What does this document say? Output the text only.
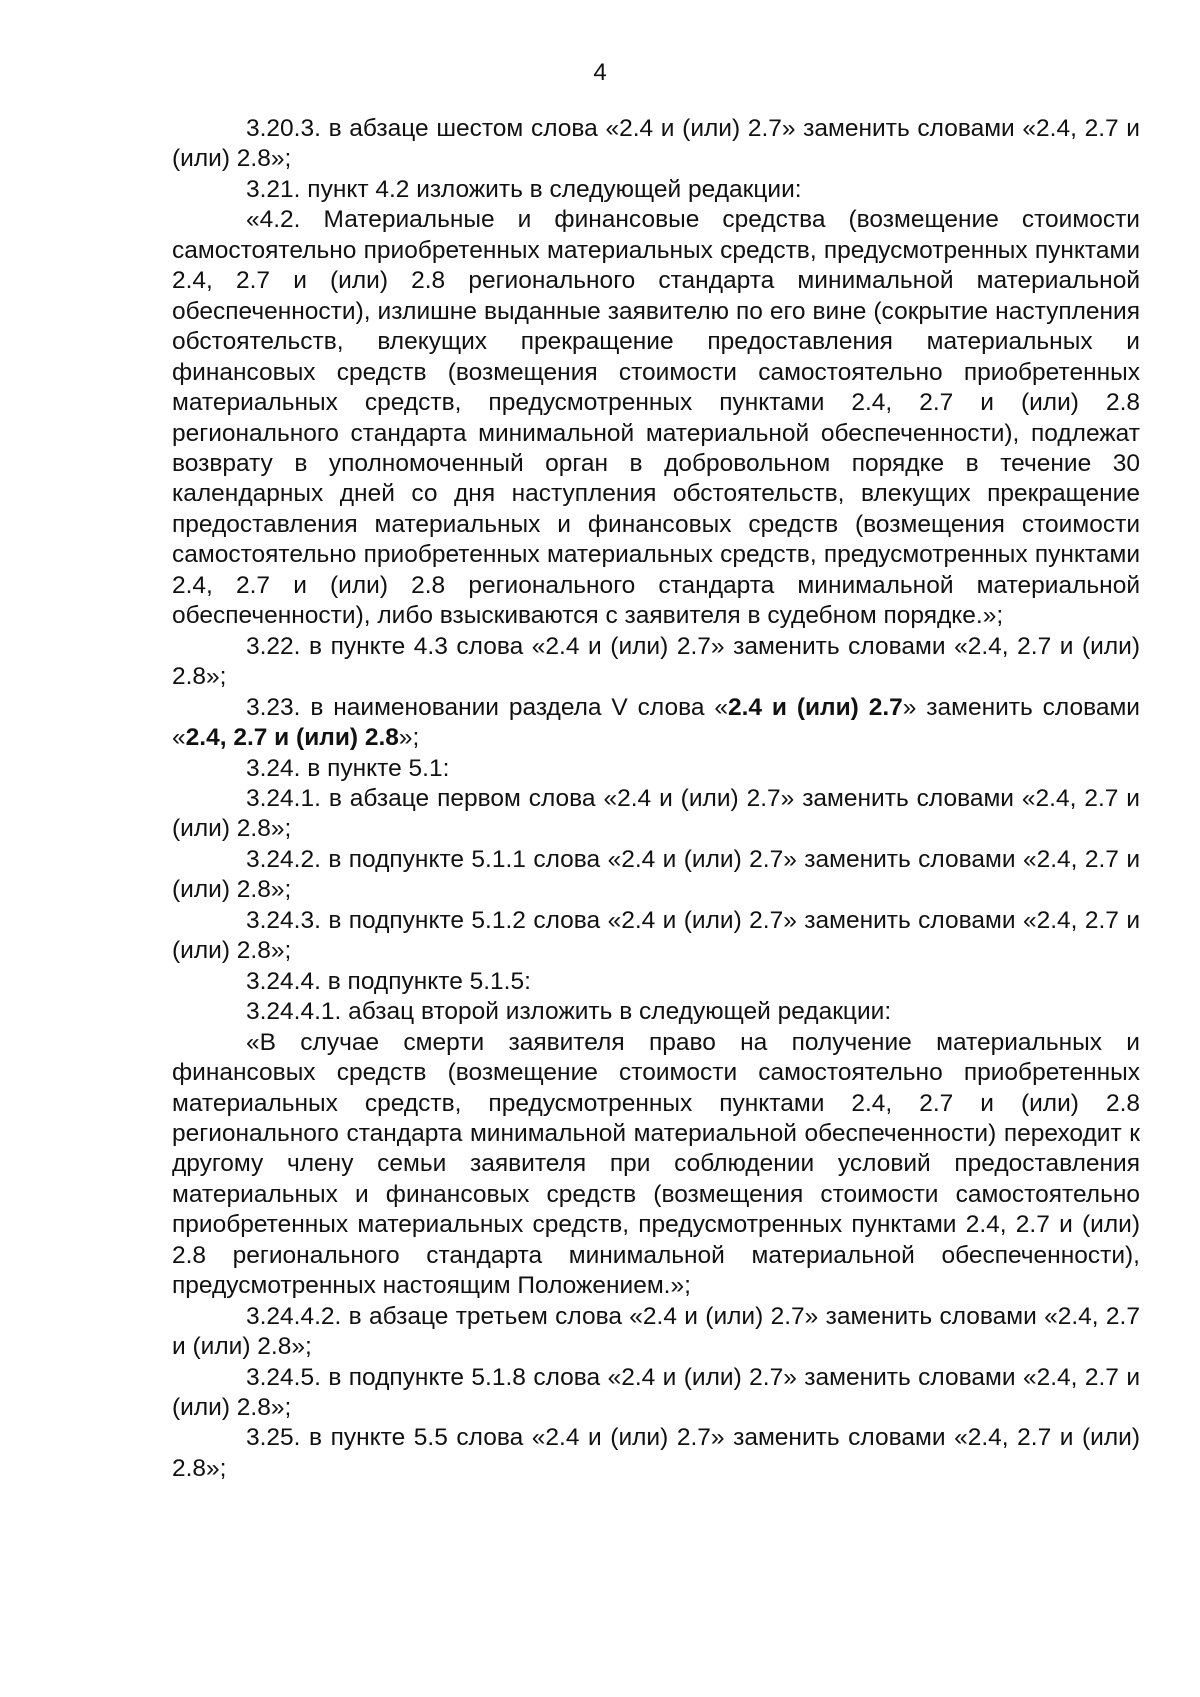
4

3.20.3. в абзаце шестом слова «2.4 и (или) 2.7» заменить словами «2.4, 2.7 и (или) 2.8»;

3.21. пункт 4.2 изложить в следующей редакции:

«4.2. Материальные и финансовые средства (возмещение стоимости самостоятельно приобретенных материальных средств, предусмотренных пунктами 2.4, 2.7 и (или) 2.8 регионального стандарта минимальной материальной обеспеченности), излишне выданные заявителю по его вине (сокрытие наступления обстоятельств, влекущих прекращение предоставления материальных и финансовых средств (возмещения стоимости самостоятельно приобретенных материальных средств, предусмотренных пунктами 2.4, 2.7 и (или) 2.8 регионального стандарта минимальной материальной обеспеченности), подлежат возврату в уполномоченный орган в добровольном порядке в течение 30 календарных дней со дня наступления обстоятельств, влекущих прекращение предоставления материальных и финансовых средств (возмещения стоимости самостоятельно приобретенных материальных средств, предусмотренных пунктами 2.4, 2.7 и (или) 2.8 регионального стандарта минимальной материальной обеспеченности), либо взыскиваются с заявителя в судебном порядке.»;

3.22. в пункте 4.3 слова «2.4 и (или) 2.7» заменить словами «2.4, 2.7 и (или) 2.8»;

3.23. в наименовании раздела V слова «2.4 и (или) 2.7» заменить словами «2.4, 2.7 и (или) 2.8»;

3.24. в пункте 5.1:

3.24.1. в абзаце первом слова «2.4 и (или) 2.7» заменить словами «2.4, 2.7 и (или) 2.8»;

3.24.2. в подпункте 5.1.1 слова «2.4 и (или) 2.7» заменить словами «2.4, 2.7 и (или) 2.8»;

3.24.3. в подпункте 5.1.2 слова «2.4 и (или) 2.7» заменить словами «2.4, 2.7 и (или) 2.8»;

3.24.4. в подпункте 5.1.5:

3.24.4.1. абзац второй изложить в следующей редакции:

«В случае смерти заявителя право на получение материальных и финансовых средств (возмещение стоимости самостоятельно приобретенных материальных средств, предусмотренных пунктами 2.4, 2.7 и (или) 2.8 регионального стандарта минимальной материальной обеспеченности) переходит к другому члену семьи заявителя при соблюдении условий предоставления материальных и финансовых средств (возмещения стоимости самостоятельно приобретенных материальных средств, предусмотренных пунктами 2.4, 2.7 и (или) 2.8 регионального стандарта минимальной материальной обеспеченности), предусмотренных настоящим Положением.»;

3.24.4.2. в абзаце третьем слова «2.4 и (или) 2.7» заменить словами «2.4, 2.7 и (или) 2.8»;

3.24.5. в подпункте 5.1.8 слова «2.4 и (или) 2.7» заменить словами «2.4, 2.7 и (или) 2.8»;

3.25. в пункте 5.5 слова «2.4 и (или) 2.7» заменить словами «2.4, 2.7 и (или) 2.8»;
